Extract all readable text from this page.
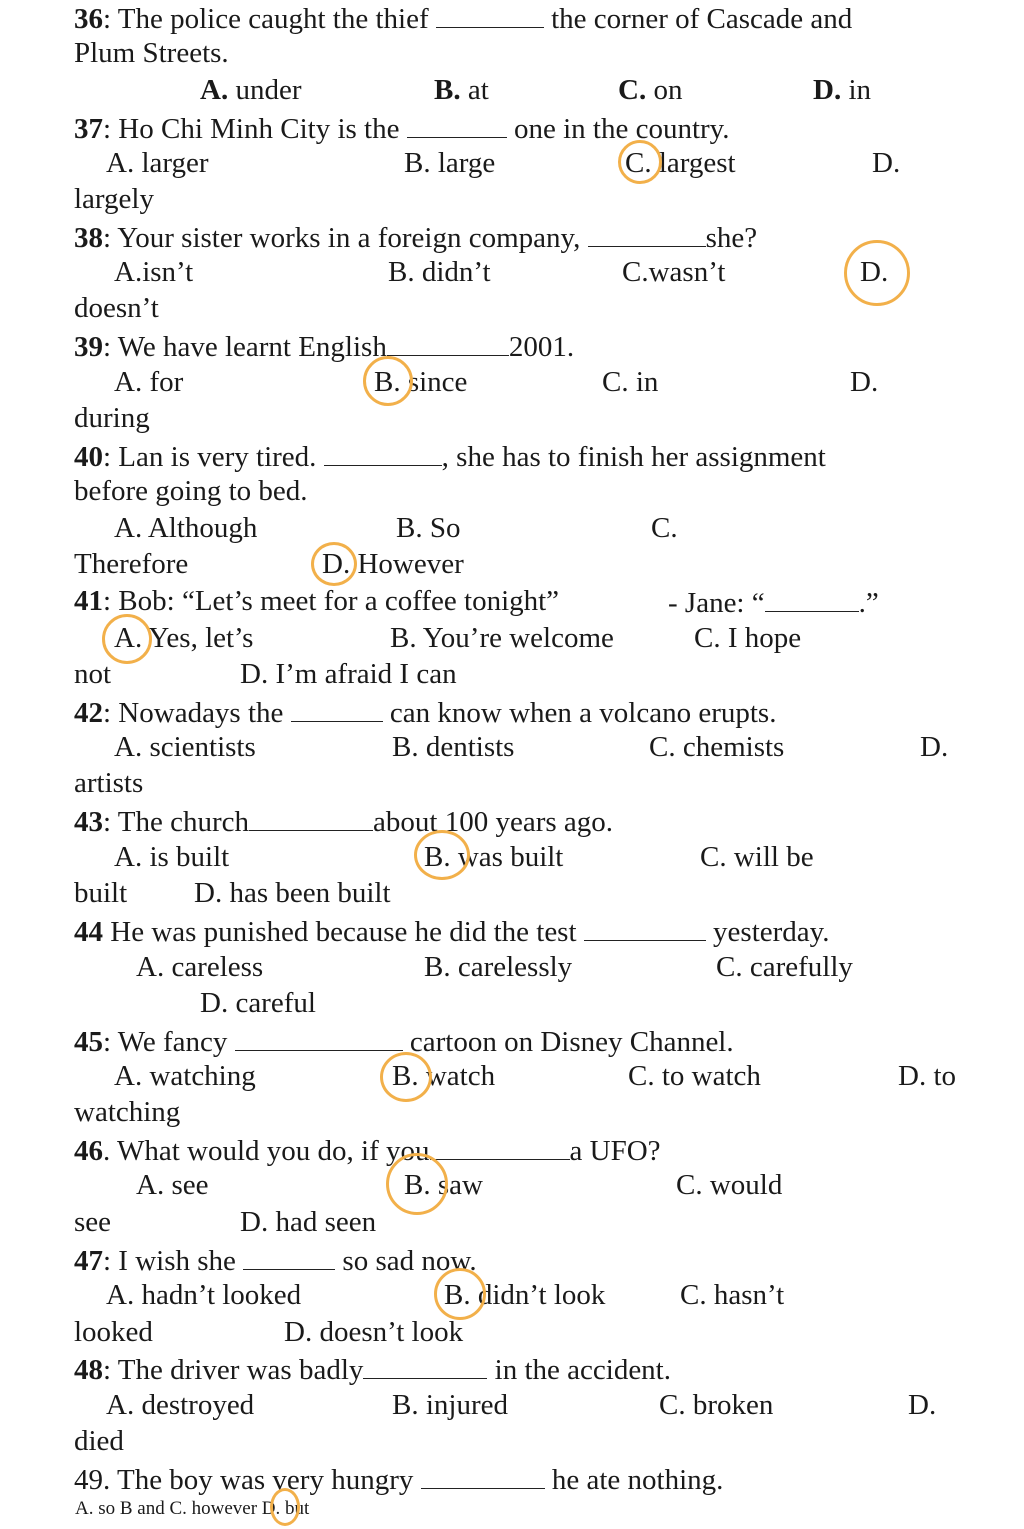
36: The police caught the thief	the corner of Cascade and
Plum Streets.
A. under	B. at	C. on	D. in
37: Ho Chi Minh City is the	one in the country.
A. larger	B. large	C. largest	D.
largely
38: Your sister works in a foreign company,	she?
A.isn’t	B. didn’t	C.wasn’t	D.
doesn’t
39: We have learnt English	2001.
A. for	B. since	C. in	D.
during
40: Lan is very tired.	, she has to finish her assignment
before going to bed.
A. Although	B. So	C.
Therefore	D. However
41: Bob: “Let’s meet for a coffee tonight”	- Jane: “	.”
A. Yes, let’s	B. You’re welcome	C. I hope
not	D. I’m afraid I can
42: Nowadays the	can know when a volcano erupts.
A. scientists	B. dentists	C. chemists	D.
artists
43: The church	about 100 years ago.
A. is built	B. was built	C. will be
built D. has been built
44 He was punished because he did the test	yesterday.
A. careless	B. carelessly	C. carefully
D. careful
45: We fancy	cartoon on Disney Channel.
A. watching	B. watch	C. to watch	D. to
watching
46. What would you do, if you	a UFO?
A. see	B. saw	C. would
see	D. had seen
47: I wish she	so sad now.
A. hadn’t looked	B. didn’t look	C. hasn’t
looked	D. doesn’t look
48: The driver was badly	in the accident.
A. destroyed	B. injured	C. broken	D.
died
49. The boy was very hungry	he ate nothing.
A. so B and C. however D. but
